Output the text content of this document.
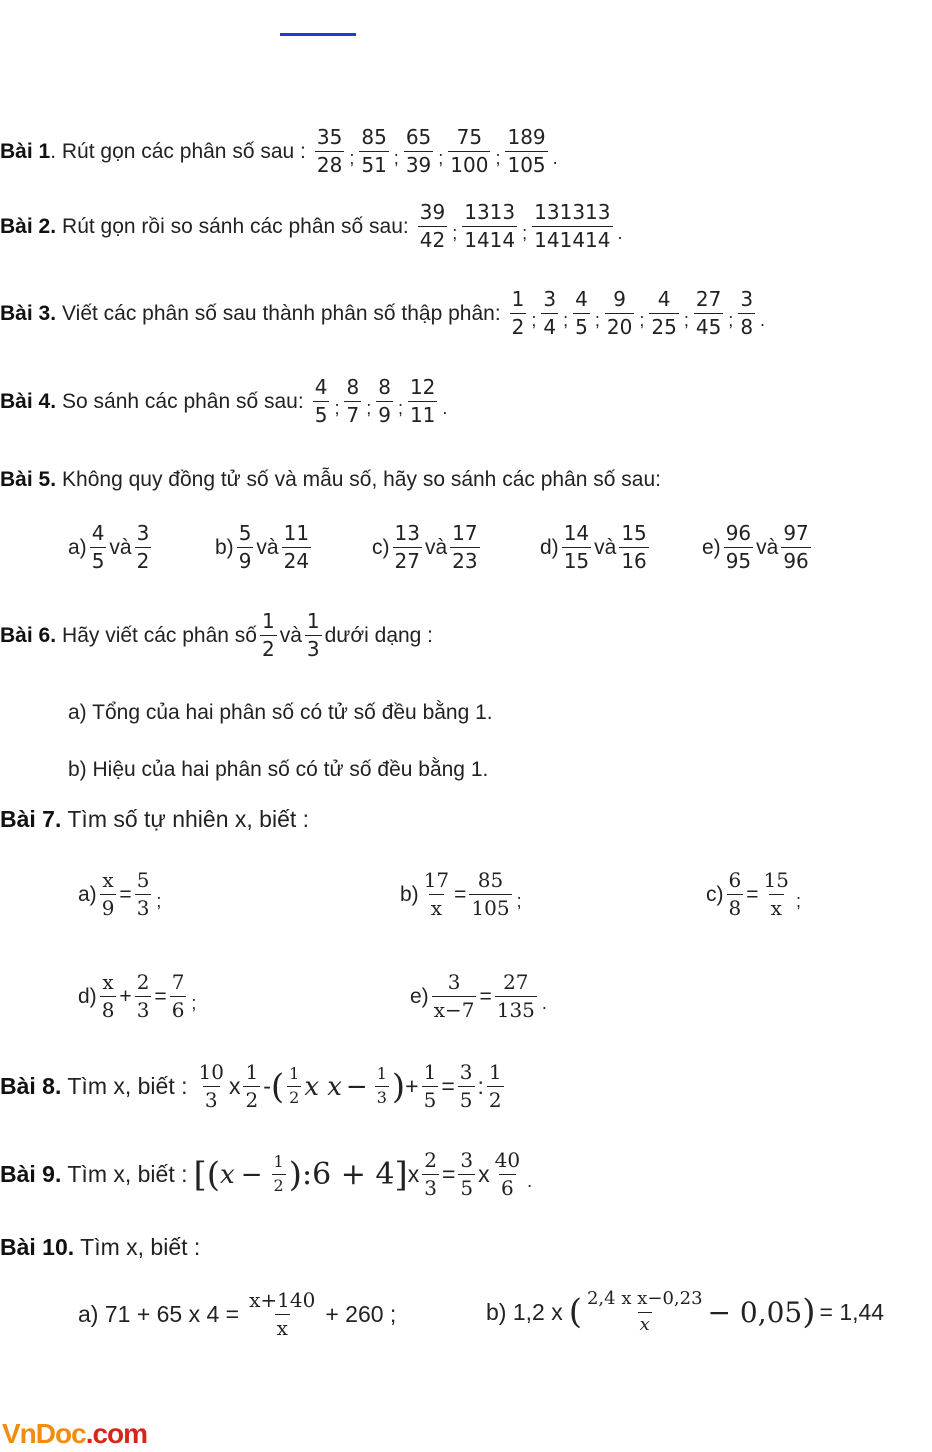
Bài 1 . Rút gọn các phân số sau : $\frac{35}{28}$ ; $\frac{85}{51}$ ; $\frac{65}{39}$ ; $\frac{75}{100}$ ; $\frac{189}{105}$ .
Bài 2. Rút gọn rồi so sánh các phân số sau: $\frac{39}{42}$ ; $\frac{1313}{1414}$ ; $\frac{131313}{141414}$ .
Bài 3. Viết các phân số sau thành phân số thập phân: $\frac{1}{2}$ ; $\frac{3}{4}$ ; $\frac{4}{5}$ ; $\frac{9}{20}$ ; $\frac{4}{25}$ ; $\frac{27}{45}$ ; $\frac{3}{8}$ .
Bài 4. So sánh các phân số sau: $\frac{4}{5}$ ; $\frac{8}{7}$ ; $\frac{8}{9}$ ; $\frac{12}{11}$ .
Bài 5. Không quy đồng tử số và mẫu số, hãy so sánh các phân số sau:
$a) \frac{4}{5}$ và $\frac{3}{2}$	$b) \frac{5}{9}$ và $\frac{11}{24}$	$c) \frac{13}{27}$ và $\frac{17}{23}$	$d) \frac{14}{15}$ và $\frac{15}{16}$	$e) \frac{96}{95}$ và $\frac{97}{96}$
Bài 6. Hãy viết các phân số $\frac{1}{2}$ và $\frac{1}{3}$ dưới dạng :
a) Tổng của hai phân số có tử số đều bằng 1.
b) Hiệu của hai phân số có tử số đều bằng 1.
Bài 7. Tìm số tự nhiên x, biết :
$a) \frac{x}{9} = \frac{5}{3}$ ;	$b) \frac{17}{x} = \frac{85}{105}$ ;	$c) \frac{6}{8} = \frac{15}{x}$ ;
$d) \frac{x}{8} + \frac{2}{3} = \frac{7}{6}$ ;	$e) \frac{3}{x-7} = \frac{27}{135}$ .
Bài 8. Tìm x, biết : $\frac{10}{3}$ x $\frac{1}{2}$ - ( $\frac{1}{2}$ x $x - \frac{1}{3}$ ) + $\frac{1}{5} = \frac{3}{5}$ : $\frac{1}{2}$
Bài 9. Tìm x, biết : [( $x - \frac{1}{2}$ ) :6 + 4 ] x $\frac{2}{3} = \frac{3}{5}$ x $\frac{40}{6}$ .
Bài 10. Tìm x, biết :
a) 71 + 65 x $4 = \frac{x+140}{x} + 260$ ;	b) 1,2 x ( $\frac{\text{2,4 x x−0,23}}{x} - 0,05$ ) = 1,44
VnDoc.com
